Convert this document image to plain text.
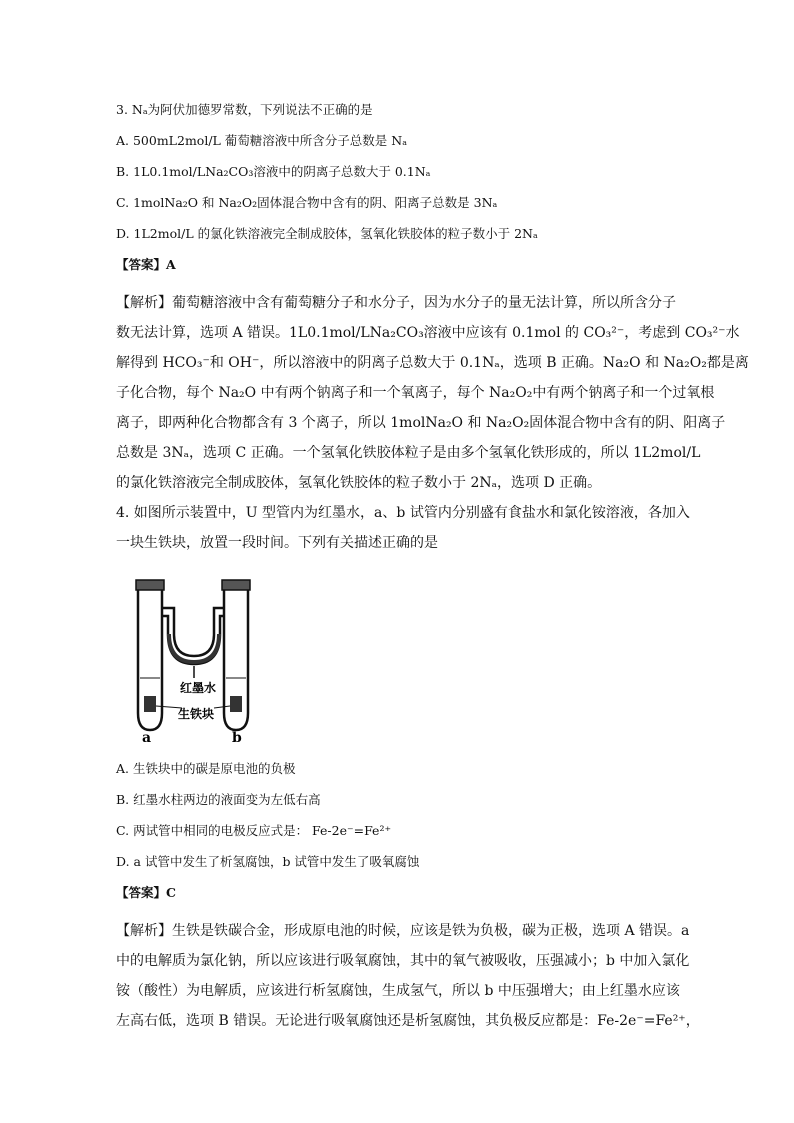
3. Nₐ为阿伏加德罗常数，下列说法不正确的是

A. 500mL2mol/L 葡萄糖溶液中所含分子总数是 Nₐ

B. 1L0.1mol/LNa₂CO₃溶液中的阴离子总数大于 0.1Nₐ

C. 1molNa₂O 和 Na₂O₂固体混合物中含有的阴、阳离子总数是 3Nₐ

D. 1L2mol/L 的氯化铁溶液完全制成胶体，氢氧化铁胶体的粒子数小于 2Nₐ

【答案】A

【解析】葡萄糖溶液中含有葡萄糖分子和水分子，因为水分子的量无法计算，所以所含分子
数无法计算，选项 A 错误。1L0.1mol/LNa₂CO₃溶液中应该有 0.1mol 的 CO₃²⁻，考虑到 CO₃²⁻水
解得到 HCO₃⁻和 OH⁻，所以溶液中的阴离子总数大于 0.1Nₐ，选项 B 正确。Na₂O 和 Na₂O₂都是离
子化合物，每个 Na₂O 中有两个钠离子和一个氧离子，每个 Na₂O₂中有两个钠离子和一个过氧根
离子，即两种化合物都含有 3 个离子，所以 1molNa₂O 和 Na₂O₂固体混合物中含有的阴、阳离子
总数是 3Nₐ，选项 C 正确。一个氢氧化铁胶体粒子是由多个氢氧化铁形成的，所以 1L2mol/L
的氯化铁溶液完全制成胶体，氢氧化铁胶体的粒子数小于 2Nₐ，选项 D 正确。
4. 如图所示装置中，U 型管内为红墨水，a、b 试管内分别盛有食盐水和氯化铵溶液，各加入
一块生铁块，放置一段时间。下列有关描述正确的是
红墨水
生铁块
a	b

A. 生铁块中的碳是原电池的负极

B. 红墨水柱两边的液面变为左低右高

C. 两试管中相同的电极反应式是： Fe-2e⁻=Fe²⁺

D. a 试管中发生了析氢腐蚀，b 试管中发生了吸氧腐蚀

【答案】C

【解析】生铁是铁碳合金，形成原电池的时候，应该是铁为负极，碳为正极，选项 A 错误。a
中的电解质为氯化钠，所以应该进行吸氧腐蚀，其中的氧气被吸收，压强减小；b 中加入氯化
铵（酸性）为电解质，应该进行析氢腐蚀，生成氢气，所以 b 中压强增大；由上红墨水应该
左高右低，选项 B 错误。无论进行吸氧腐蚀还是析氢腐蚀，其负极反应都是：Fe-2e⁻=Fe²⁺，
